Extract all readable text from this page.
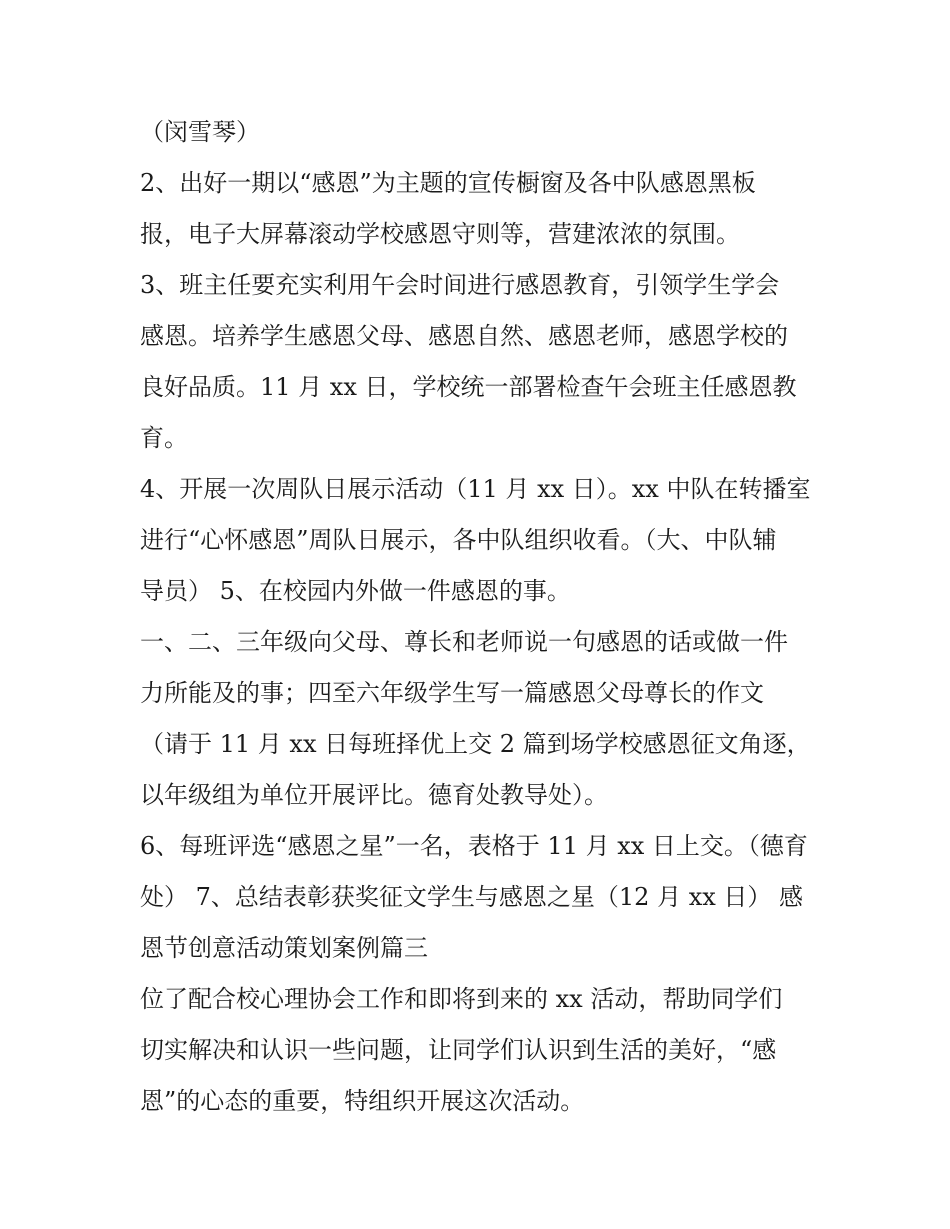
（闵雪琴）
2、出好一期以“感恩”为主题的宣传橱窗及各中队感恩黑板
报，电子大屏幕滚动学校感恩守则等，营建浓浓的氛围。
3、班主任要充实利用午会时间进行感恩教育，引领学生学会
感恩。培养学生感恩父母、感恩自然、感恩老师，感恩学校的
良好品质。11 月 xx 日，学校统一部署检查午会班主任感恩教
育。
4、开展一次周队日展示活动（11 月 xx 日）。xx 中队在转播室
进行“心怀感恩”周队日展示，各中队组织收看。（大、中队辅
导员） 5、在校园内外做一件感恩的事。
一、二、三年级向父母、尊长和老师说一句感恩的话或做一件
力所能及的事；四至六年级学生写一篇感恩父母尊长的作文
（请于 11 月 xx 日每班择优上交 2 篇到场学校感恩征文角逐，
以年级组为单位开展评比。德育处教导处）。
6、每班评选“感恩之星”一名，表格于 11 月 xx 日上交。（德育
处） 7、总结表彰获奖征文学生与感恩之星（12 月 xx 日） 感
恩节创意活动策划案例篇三
位了配合校心理协会工作和即将到来的 xx 活动，帮助同学们
切实解决和认识一些问题，让同学们认识到生活的美好，“感
恩”的心态的重要，特组织开展这次活动。
